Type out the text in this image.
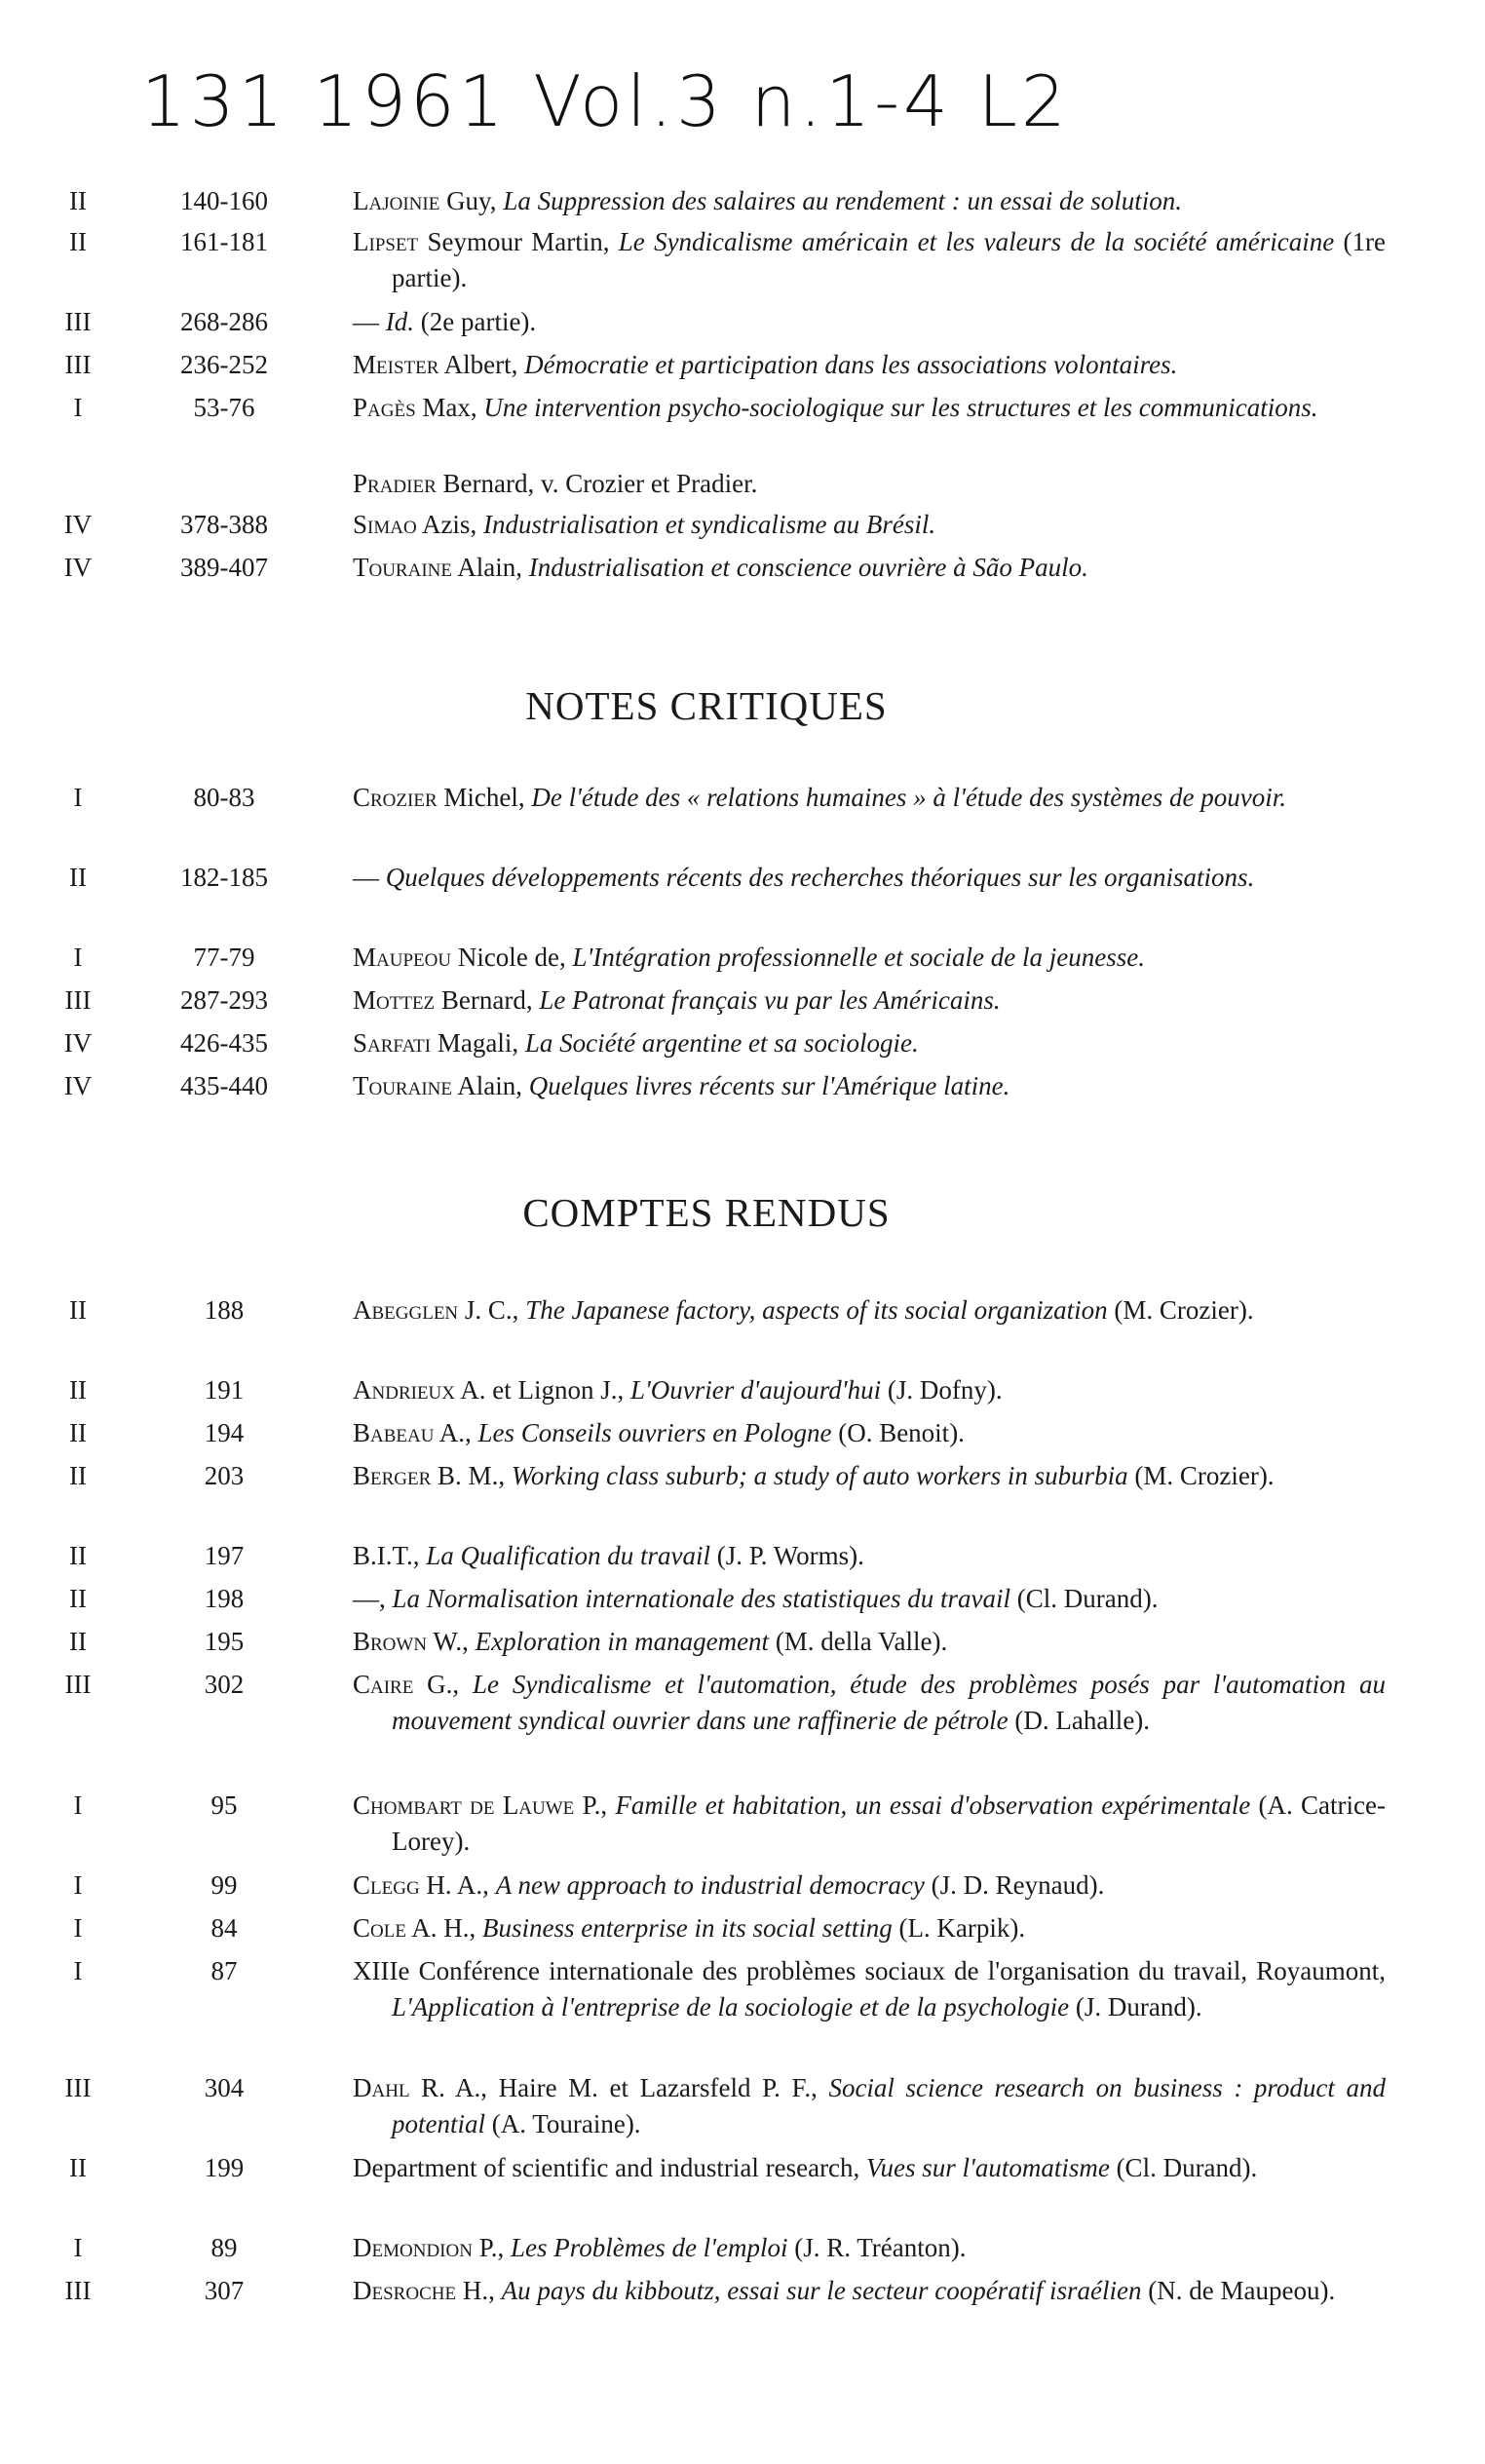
131 1961 Vol.3 n.1-4 L2
II	140-160	Lajoinie Guy, La Suppression des salaires au rendement : un essai de solution.
II	161-181	Lipset Seymour Martin, Le Syndicalisme américain et les valeurs de la société américaine (1re partie).
III	268-286	— Id. (2e partie).
III	236-252	Meister Albert, Démocratie et participation dans les associations volontaires.
I	53-76	Pagès Max, Une intervention psycho-sociologique sur les structures et les communications.
Pradier Bernard, v. Crozier et Pradier.
IV	378-388	Simao Azis, Industrialisation et syndicalisme au Brésil.
IV	389-407	Touraine Alain, Industrialisation et conscience ouvrière à São Paulo.
NOTES CRITIQUES
I	80-83	Crozier Michel, De l'étude des « relations humaines » à l'étude des systèmes de pouvoir.
II	182-185	— Quelques développements récents des recherches théoriques sur les organisations.
I	77-79	Maupeou Nicole de, L'Intégration professionnelle et sociale de la jeunesse.
III	287-293	Mottez Bernard, Le Patronat français vu par les Américains.
IV	426-435	Sarfati Magali, La Société argentine et sa sociologie.
IV	435-440	Touraine Alain, Quelques livres récents sur l'Amérique latine.
COMPTES RENDUS
II	188	Abegglen J. C., The Japanese factory, aspects of its social organization (M. Crozier).
II	191	Andrieux A. et Lignon J., L'Ouvrier d'aujourd'hui (J. Dofny).
II	194	Babeau A., Les Conseils ouvriers en Pologne (O. Benoit).
II	203	Berger B. M., Working class suburb; a study of auto workers in suburbia (M. Crozier).
II	197	B.I.T., La Qualification du travail (J. P. Worms).
II	198	—, La Normalisation internationale des statistiques du travail (Cl. Durand).
II	195	Brown W., Exploration in management (M. della Valle).
III	302	Caire G., Le Syndicalisme et l'automation, étude des problèmes posés par l'automation au mouvement syndical ouvrier dans une raffinerie de pétrole (D. Lahalle).
I	95	Chombart de Lauwe P., Famille et habitation, un essai d'observation expérimentale (A. Catrice-Lorey).
I	99	Clegg H. A., A new approach to industrial democracy (J. D. Reynaud).
I	84	Cole A. H., Business enterprise in its social setting (L. Karpik).
I	87	XIIIe Conférence internationale des problèmes sociaux de l'organisation du travail, Royaumont, L'Application à l'entreprise de la sociologie et de la psychologie (J. Durand).
III	304	Dahl R. A., Haire M. et Lazarsfeld P. F., Social science research on business : product and potential (A. Touraine).
II	199	Department of scientific and industrial research, Vues sur l'automatisme (Cl. Durand).
I	89	Demondion P., Les Problèmes de l'emploi (J. R. Tréanton).
III	307	Desroche H., Au pays du kibboutz, essai sur le secteur coopératif israélien (N. de Maupeou).
